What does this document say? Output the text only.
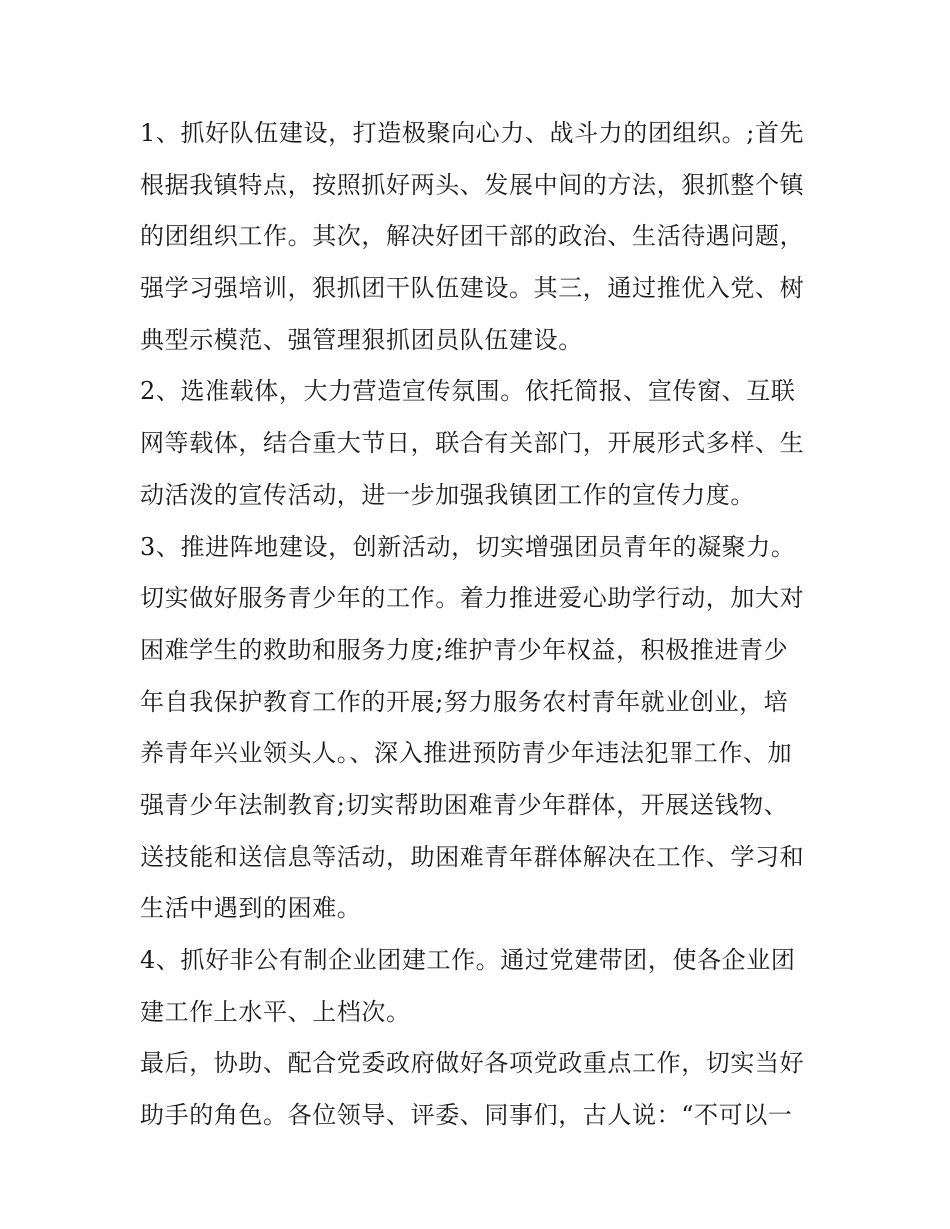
1、抓好队伍建设，打造极聚向心力、战斗力的团组织。;首先
根据我镇特点，按照抓好两头、发展中间的方法，狠抓整个镇
的团组织工作。其次，解决好团干部的政治、生活待遇问题，
强学习强培训，狠抓团干队伍建设。其三，通过推优入党、树
典型示模范、强管理狠抓团员队伍建设。
2、选准载体，大力营造宣传氛围。依托简报、宣传窗、互联
网等载体，结合重大节日，联合有关部门，开展形式多样、生
动活泼的宣传活动，进一步加强我镇团工作的宣传力度。
3、推进阵地建设，创新活动，切实增强团员青年的凝聚力。
切实做好服务青少年的工作。着力推进爱心助学行动，加大对
困难学生的救助和服务力度;维护青少年权益，积极推进青少
年自我保护教育工作的开展;努力服务农村青年就业创业，培
养青年兴业领头人。、深入推进预防青少年违法犯罪工作、加
强青少年法制教育;切实帮助困难青少年群体，开展送钱物、
送技能和送信息等活动，助困难青年群体解决在工作、学习和
生活中遇到的困难。
4、抓好非公有制企业团建工作。通过党建带团，使各企业团
建工作上水平、上档次。
最后，协助、配合党委政府做好各项党政重点工作，切实当好
助手的角色。各位领导、评委、同事们，古人说：“不可以一
